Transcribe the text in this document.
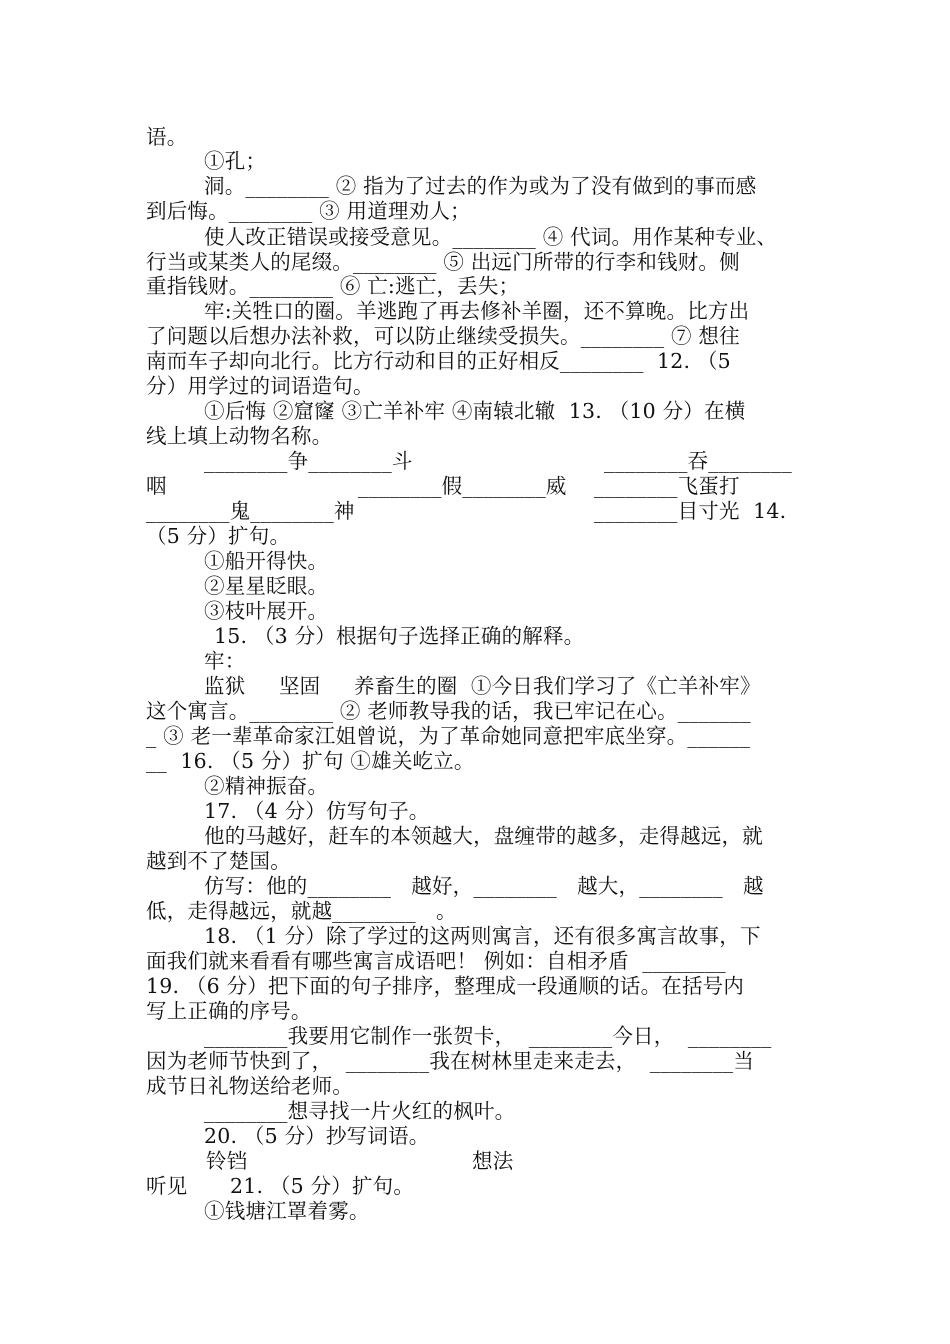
语。
①孔；
洞。________ ② 指为了过去的作为或为了没有做到的事而感
到后悔。________ ③ 用道理劝人；
使人改正错误或接受意见。________ ④ 代词。用作某种专业、
行当或某类人的尾缀。________ ⑤ 出远门所带的行李和钱财。侧
重指钱财。________ ⑥ 亡:逃亡，丢失；
牢:关牲口的圈。羊逃跑了再去修补羊圈，还不算晚。比方出
了问题以后想办法补救，可以防止继续受损失。________ ⑦ 想往
南而车子却向北行。比方行动和目的正好相反________  12. （5
分）用学过的词语造句。
①后悔 ②窟窿 ③亡羊补牢 ④南辕北辙  13. （10 分）在横
线上填上动物名称。
________争________斗	________吞________
咽	________假________威 ________飞蛋打
________鬼________神	________目寸光  14.
（5 分）扩句。
①船开得快。
②星星眨眼。
③枝叶展开。
15. （3 分）根据句子选择正确的解释。
牢：
监狱     坚固     养畜生的圈  ①今日我们学习了《亡羊补牢》
这个寓言。________ ② 老师教导我的话，我已牢记在心。_______
_ ③ 老一辈革命家江姐曾说，为了革命她同意把牢底坐穿。______
__  16. （5 分）扩句 ①雄关屹立。
②精神振奋。
17. （4 分）仿写句子。
他的马越好，赶车的本领越大，盘缠带的越多，走得越远，就
越到不了楚国。
仿写：他的________   越好，________   越大，________   越
低，走得越远，就越________   。
18. （1 分）除了学过的这两则寓言，还有很多寓言故事，下
面我们就来看看有哪些寓言成语吧！ 例如：自相矛盾  ________
19. （6 分）把下面的句子排序，整理成一段通顺的话。在括号内
写上正确的序号。
________我要用它制作一张贺卡，  ________今日，  ________
因为老师节快到了，  ________我在树林里走来走去，  ________当
成节日礼物送给老师。
________想寻找一片火红的枫叶。
20. （5 分）抄写词语。
铃铛	想法
听见 21. （5 分）扩句。
①钱塘江罩着雾。
